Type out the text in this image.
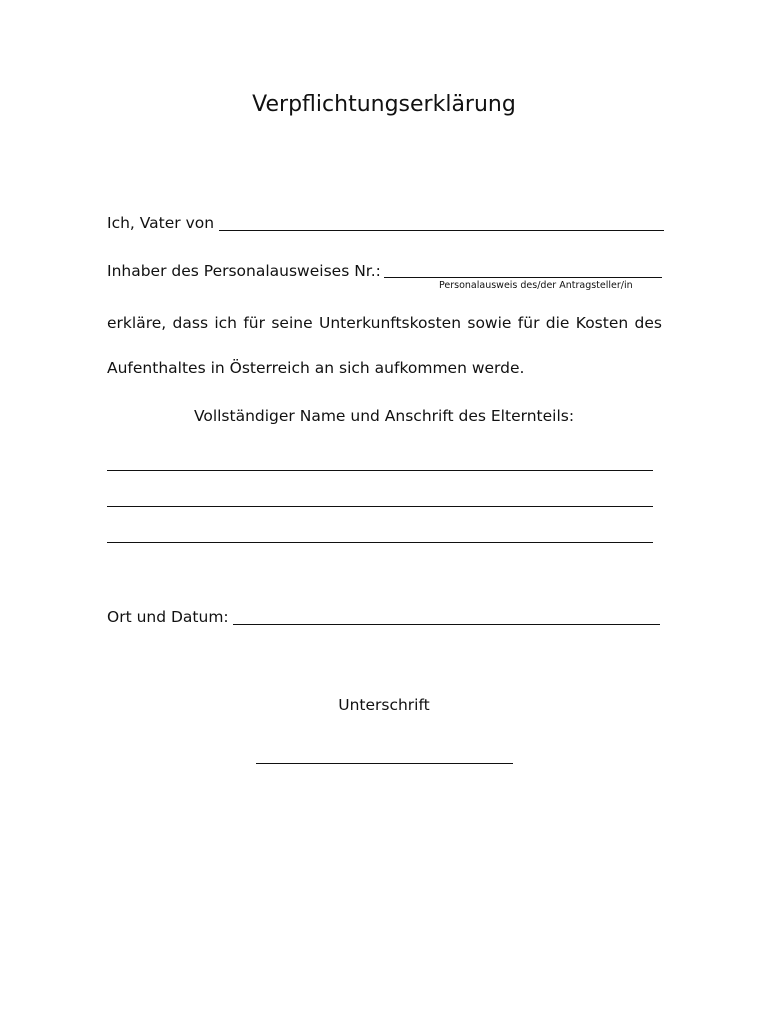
Verpflichtungserklärung
Ich, Vater von
Inhaber des Personalausweises Nr.:
Personalausweis des/der Antragsteller/in
erkläre, dass ich für seine Unterkunftskosten sowie für die Kosten des
Aufenthaltes in Österreich an sich aufkommen werde.
Vollständiger Name und Anschrift des Elternteils:
Ort und Datum:
Unterschrift
